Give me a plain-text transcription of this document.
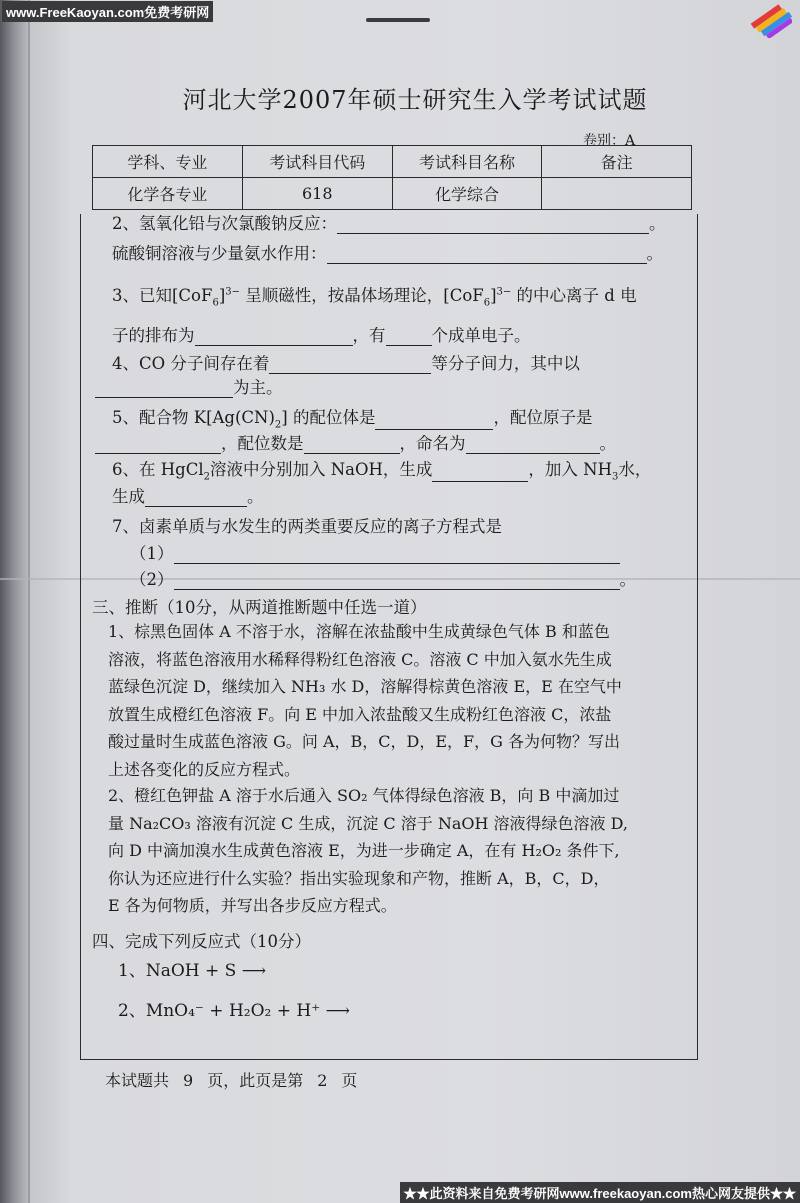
www.FreeKaoyan.com免费考研网
河北大学2007年硕士研究生入学考试试题
卷别：A
学科、专业	考试科目代码	考试科目名称	备注
化学各专业	618	化学综合	
2、氢氧化铅与次氯酸钠反应：	。
硫酸铜溶液与少量氨水作用：	。
3、已知$[CoF_6]^{3-}$ 呈顺磁性，按晶体场理论，$[CoF_6]^{3-}$ 的中心离子 d 电
子的排布为	，有	个成单电子。
4、CO 分子间存在着	等分子间力，其中以
为主。
5、配合物 $K[Ag(CN)_2]$ 的配位体是	，配位原子是
，配位数是	，命名为	。
6、在 HgCl$_2$溶液中分别加入 NaOH，生成	，加入 $NH_3$水，
生成	。
7、卤素单质与水发生的两类重要反应的离子方程式是
（1）
（2）	。
三、推断（10分，从两道推断题中任选一道）
1、棕黑色固体 A 不溶于水，溶解在浓盐酸中生成黄绿色气体 B 和蓝色
溶液，将蓝色溶液用水稀释得粉红色溶液 C。溶液 C 中加入氨水先生成
蓝绿色沉淀 D，继续加入 NH₃ 水 D，溶解得棕黄色溶液 E，E 在空气中
放置生成橙红色溶液 F。向 E 中加入浓盐酸又生成粉红色溶液 C，浓盐
酸过量时生成蓝色溶液 G。问 A，B，C，D，E，F，G 各为何物？写出
上述各变化的反应方程式。
2、橙红色钾盐 A 溶于水后通入 SO₂ 气体得绿色溶液 B，向 B 中滴加过
量 Na₂CO₃ 溶液有沉淀 C 生成，沉淀 C 溶于 NaOH 溶液得绿色溶液 D,
向 D 中滴加溴水生成黄色溶液 E，为进一步确定 A，在有 H₂O₂ 条件下,
你认为还应进行什么实验？指出实验现象和产物，推断 A，B，C，D，
E 各为何物质，并写出各步反应方程式。
四、完成下列反应式（10分）
1、NaOH + S ⟶
2、MnO₄⁻ + H₂O₂ + H⁺ ⟶
本试题共 9 页，此页是第 2 页
★★此资料来自免费考研网www.freekaoyan.com热心网友提供★★
